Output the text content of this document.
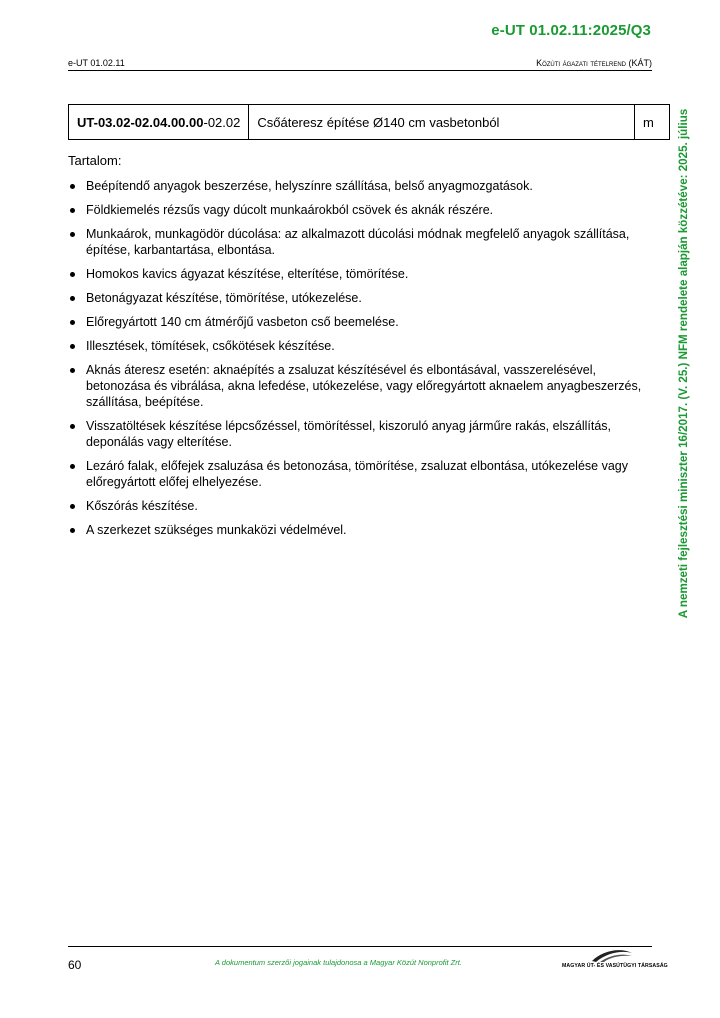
e-UT 01.02.11:2025/Q3
e-UT 01.02.11	Közúti ágazati tételrend (KÁT)
UT-03.02-02.04.00.00-02.02	Csőáteresz építése Ø140 cm vasbetonból	m

Tartalom:

Beépítendő anyagok beszerzése, helyszínre szállítása, belső anyagmozgatások.
Földkiemelés rézsűs vagy dúcolt munkaárokból csövek és aknák részére.
Munkaárok, munkagödör dúcolása: az alkalmazott dúcolási módnak megfelelő anyagok szállítása, építése, karbantartása, elbontása.
Homokos kavics ágyazat készítése, elterítése, tömörítése.
Betonágyazat készítése, tömörítése, utókezelése.
Előregyártott 140 cm átmérőjű vasbeton cső beemelése.
Illesztések, tömítések, csőkötések készítése.
Aknás áteresz esetén: aknaépítés a zsaluzat készítésével és elbontásával, vasszerelésével, betonozása és vibrálása, akna lefedése, utókezelése, vagy előregyártott aknaelem anyagbeszerzés, szállítása, beépítése.
Visszatöltések készítése lépcsőzéssel, tömörítéssel, kiszoruló anyag járműre rakás, elszállítás, deponálás vagy elterítése.
Lezáró falak, előfejek zsaluzása és betonozása, tömörítése, zsaluzat elbontása, utókezelése vagy előregyártott előfej elhelyezése.
Kőszórás készítése.
A szerkezet szükséges munkaközi védelmével.	A nemzeti fejlesztési miniszter 16/2017. (V. 25.) NFM rendelete alapján közzétéve: 2025. július
60	A dokumentum szerzői jogainak tulajdonosa a Magyar Közút Nonprofit Zrt.	MAGYAR ÚT- ÉS VASÚTÜGYI TÁRSASÁG
